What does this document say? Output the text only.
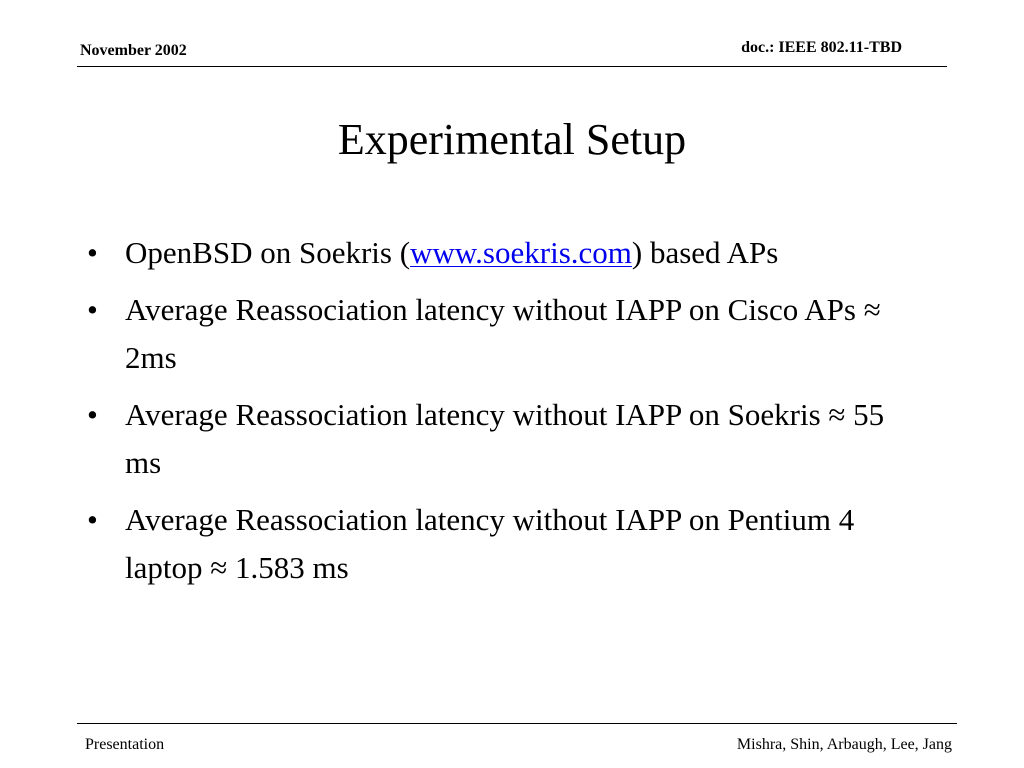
November 2002	doc.: IEEE 802.11-TBD
Experimental Setup
• OpenBSD on Soekris (www.soekris.com) based APs
• Average Reassociation latency without IAPP on Cisco APs ≈ 2ms
• Average Reassociation latency without IAPP on Soekris ≈ 55 ms
• Average Reassociation latency without IAPP on Pentium 4 laptop ≈ 1.583 ms
Presentation	Mishra, Shin, Arbaugh, Lee, Jang
